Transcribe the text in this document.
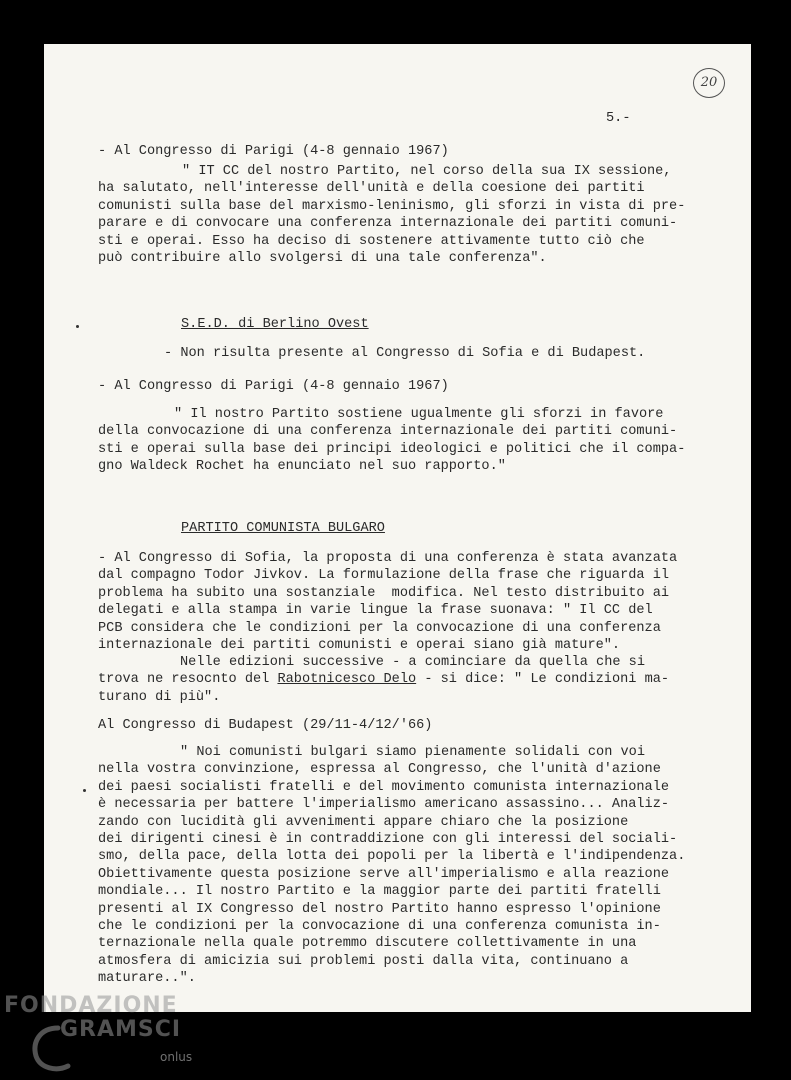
20
5.-
- Al Congresso di Parigi (4-8 gennaio 1967)
" IT CC del nostro Partito, nel corso della sua IX sessione,
ha salutato, nell'interesse dell'unità e della coesione dei partiti
comunisti sulla base del marxismo-leninismo, gli sforzi in vista di pre-
parare e di convocare una conferenza internazionale dei partiti comuni-
sti e operai. Esso ha deciso di sostenere attivamente tutto ciò che
può contribuire allo svolgersi di una tale conferenza".
S.E.D. di Berlino Ovest
- Non risulta presente al Congresso di Sofia e di Budapest.
- Al Congresso di Parigi (4-8 gennaio 1967)
" Il nostro Partito sostiene ugualmente gli sforzi in favore
della convocazione di una conferenza internazionale dei partiti comuni-
sti e operai sulla base dei principi ideologici e politici che il compa-
gno Waldeck Rochet ha enunciato nel suo rapporto."
PARTITO COMUNISTA BULGARO
- Al Congresso di Sofia, la proposta di una conferenza è stata avanzata
dal compagno Todor Jivkov. La formulazione della frase che riguarda il
problema ha subito una sostanziale  modifica. Nel testo distribuito ai
delegati e alla stampa in varie lingue la frase suonava: " Il CC del
PCB considera che le condizioni per la convocazione di una conferenza
internazionale dei partiti comunisti e operai siano già mature".
Nelle edizioni successive - a cominciare da quella che si
trova ne resocnto del Rabotnicesco Delo - si dice: " Le condizioni ma-
turano di più".
Al Congresso di Budapest (29/11-4/12/'66)
" Noi comunisti bulgari siamo pienamente solidali con voi
nella vostra convinzione, espressa al Congresso, che l'unità d'azione
dei paesi socialisti fratelli e del movimento comunista internazionale
è necessaria per battere l'imperialismo americano assassino... Analiz-
zando con lucidità gli avvenimenti appare chiaro che la posizione
dei dirigenti cinesi è in contraddizione con gli interessi del sociali-
smo, della pace, della lotta dei popoli per la libertà e l'indipendenza.
Obiettivamente questa posizione serve all'imperialismo e alla reazione
mondiale... Il nostro Partito e la maggior parte dei partiti fratelli
presenti al IX Congresso del nostro Partito hanno espresso l'opinione
che le condizioni per la convocazione di una conferenza comunista in-
ternazionale nella quale potremmo discutere collettivamente in una
atmosfera di amicizia sui problemi posti dalla vita, continuano a
maturare..".
FONDAZIONE
GRAMSCI
onlus
